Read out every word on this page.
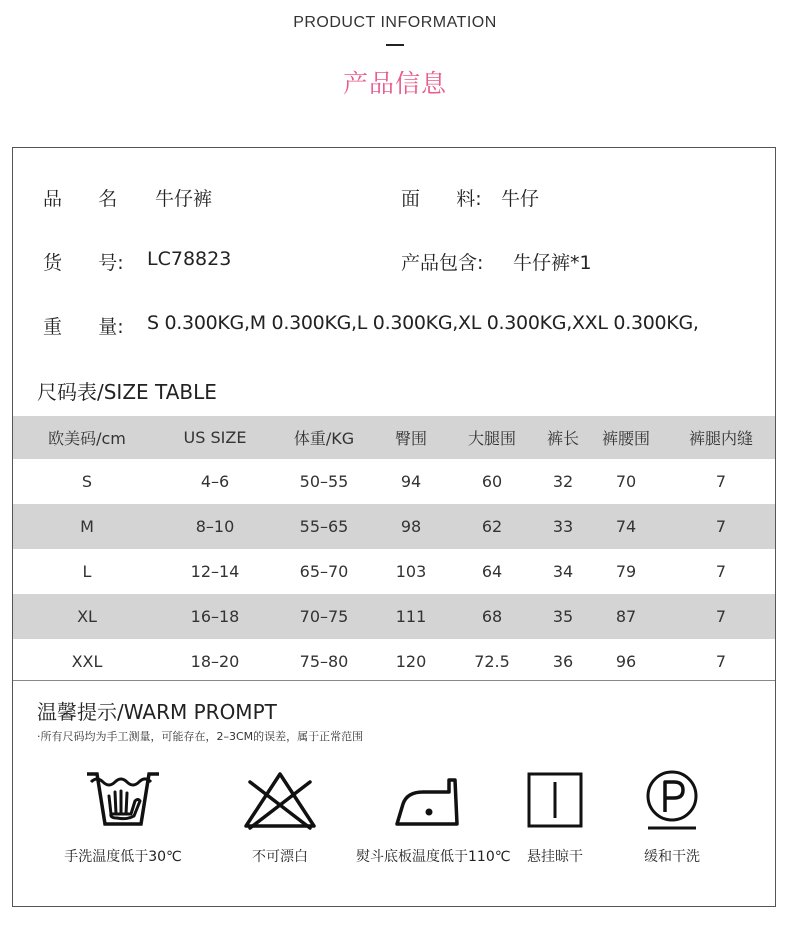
PRODUCT INFORMATION
产品信息
品      名 牛仔裤	面      料: 牛仔
货      号: LC78823	产品包含: 牛仔裤*1
重      量: S 0.300KG,M 0.300KG,L 0.300KG,XL 0.300KG,XXL 0.300KG,
尺码表/SIZE TABLE
欧美码/cm	US SIZE	体重/KG	臀围	大腿围	裤长	裤腰围	裤腿内缝
S	4–6	50–55	94	60	32	70	7
M	8–10	55–65	98	62	33	74	7
L	12–14	65–70	103	64	34	79	7
XL	16–18	70–75	111	68	35	87	7
XXL	18–20	75–80	120	72.5	36	96	7
温馨提示/WARM PROMPT
·所有尺码均为手工测量，可能存在，2–3CM的误差，属于正常范围
手洗温度低于30℃	不可漂白	熨斗底板温度低于110℃	悬挂晾干	缓和干洗
